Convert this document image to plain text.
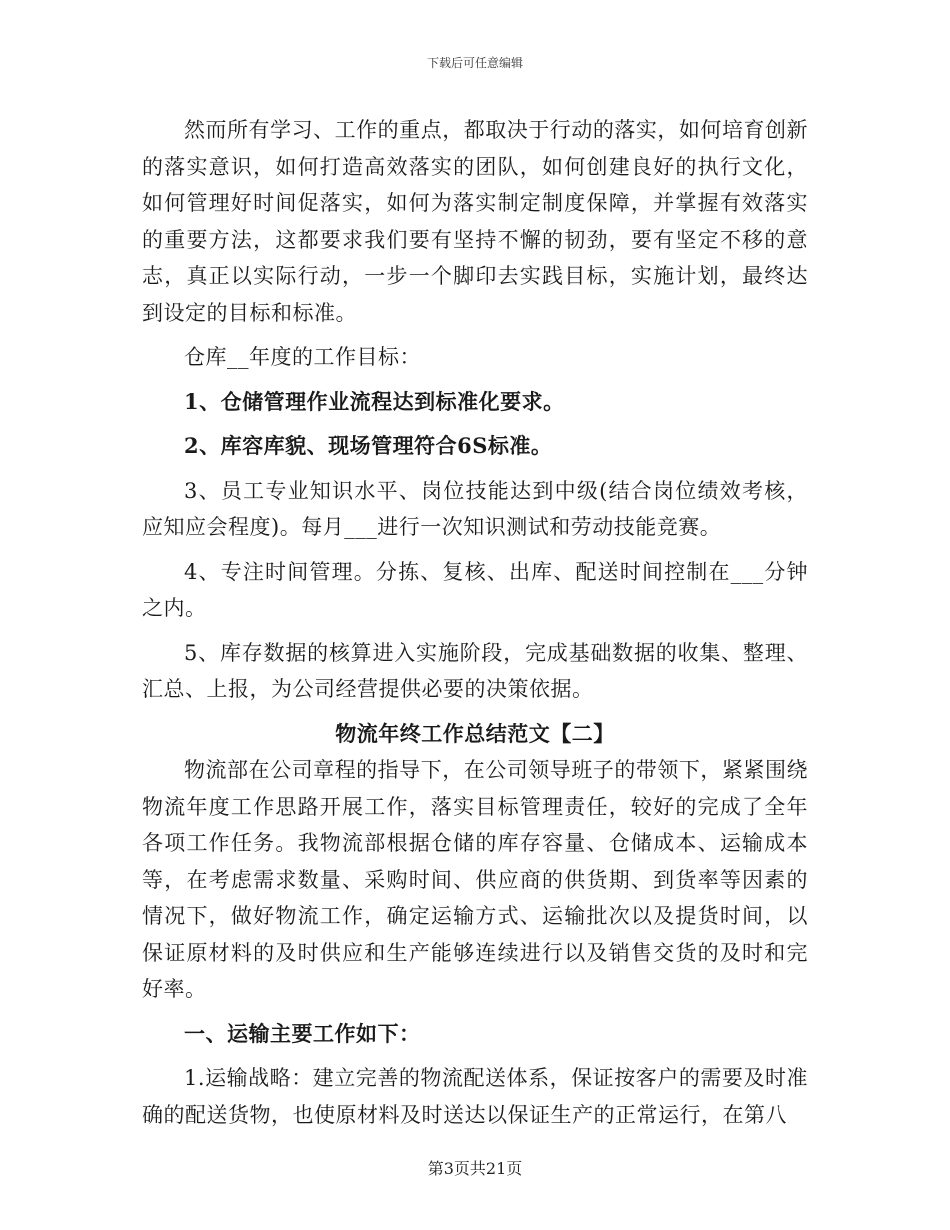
下载后可任意编辑

然而所有学习、工作的重点，都取决于行动的落实，如何培育创新的落实意识，如何打造高效落实的团队，如何创建良好的执行文化，如何管理好时间促落实，如何为落实制定制度保障，并掌握有效落实的重要方法，这都要求我们要有坚持不懈的韧劲，要有坚定不移的意志，真正以实际行动，一步一个脚印去实践目标，实施计划，最终达到设定的目标和标准。

仓库__年度的工作目标：

1、仓储管理作业流程达到标准化要求。

2、库容库貌、现场管理符合6S标准。

3、员工专业知识水平、岗位技能达到中级(结合岗位绩效考核，应知应会程度)。每月___进行一次知识测试和劳动技能竞赛。

4、专注时间管理。分拣、复核、出库、配送时间控制在___分钟之内。

5、库存数据的核算进入实施阶段，完成基础数据的收集、整理、汇总、上报，为公司经营提供必要的决策依据。

物流年终工作总结范文【二】

物流部在公司章程的指导下，在公司领导班子的带领下，紧紧围绕物流年度工作思路开展工作，落实目标管理责任，较好的完成了全年各项工作任务。我物流部根据仓储的库存容量、仓储成本、运输成本等，在考虑需求数量、采购时间、供应商的供货期、到货率等因素的情况下，做好物流工作，确定运输方式、运输批次以及提货时间，以保证原材料的及时供应和生产能够连续进行以及销售交货的及时和完好率。

一、运输主要工作如下：

1.运输战略：建立完善的物流配送体系，保证按客户的需要及时准确的配送货物，也使原材料及时送达以保证生产的正常运行，在第八

第3页共21页
